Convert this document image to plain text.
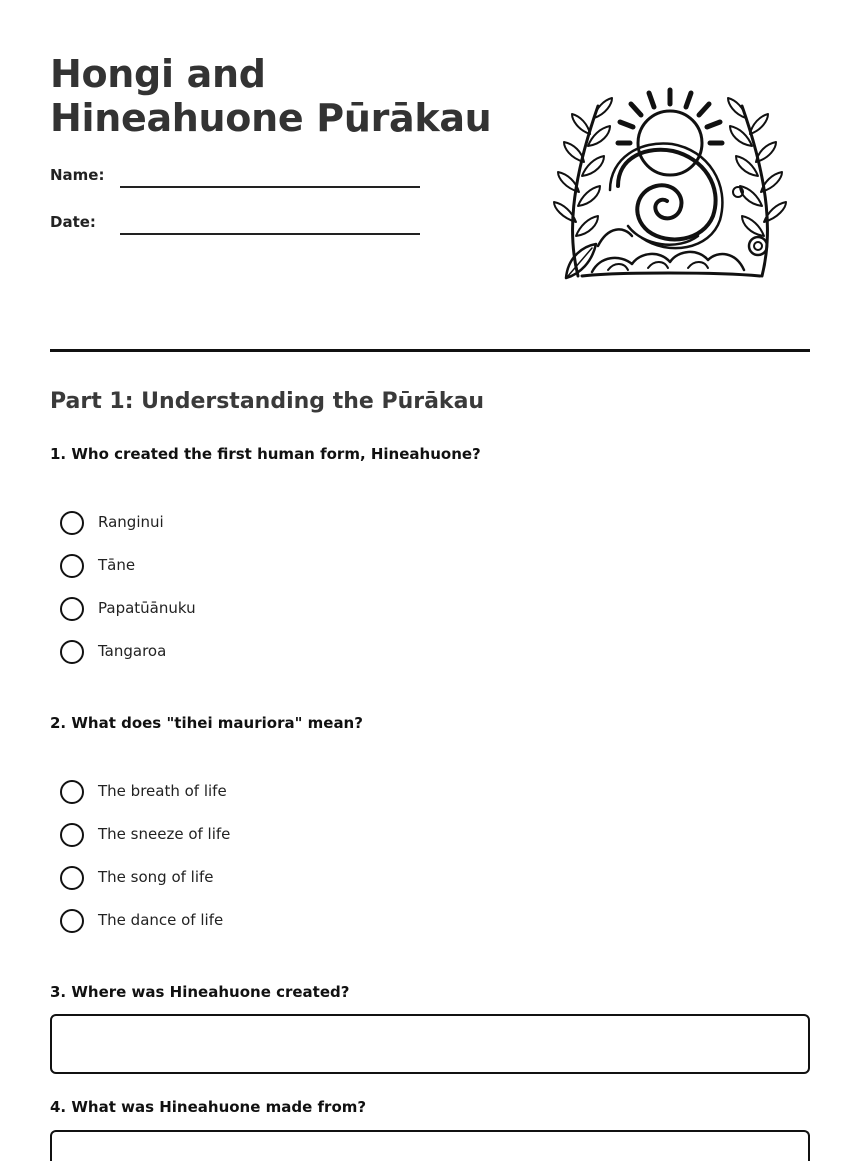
Hongi and Hineahuone Pūrākau
Name:
Date:
Part 1: Understanding the Pūrākau
1. Who created the first human form, Hineahuone?
Ranginui
Tāne
Papatūānuku
Tangaroa
2. What does "tihei mauriora" mean?
The breath of life
The sneeze of life
The song of life
The dance of life
3. Where was Hineahuone created?
4. What was Hineahuone made from?
